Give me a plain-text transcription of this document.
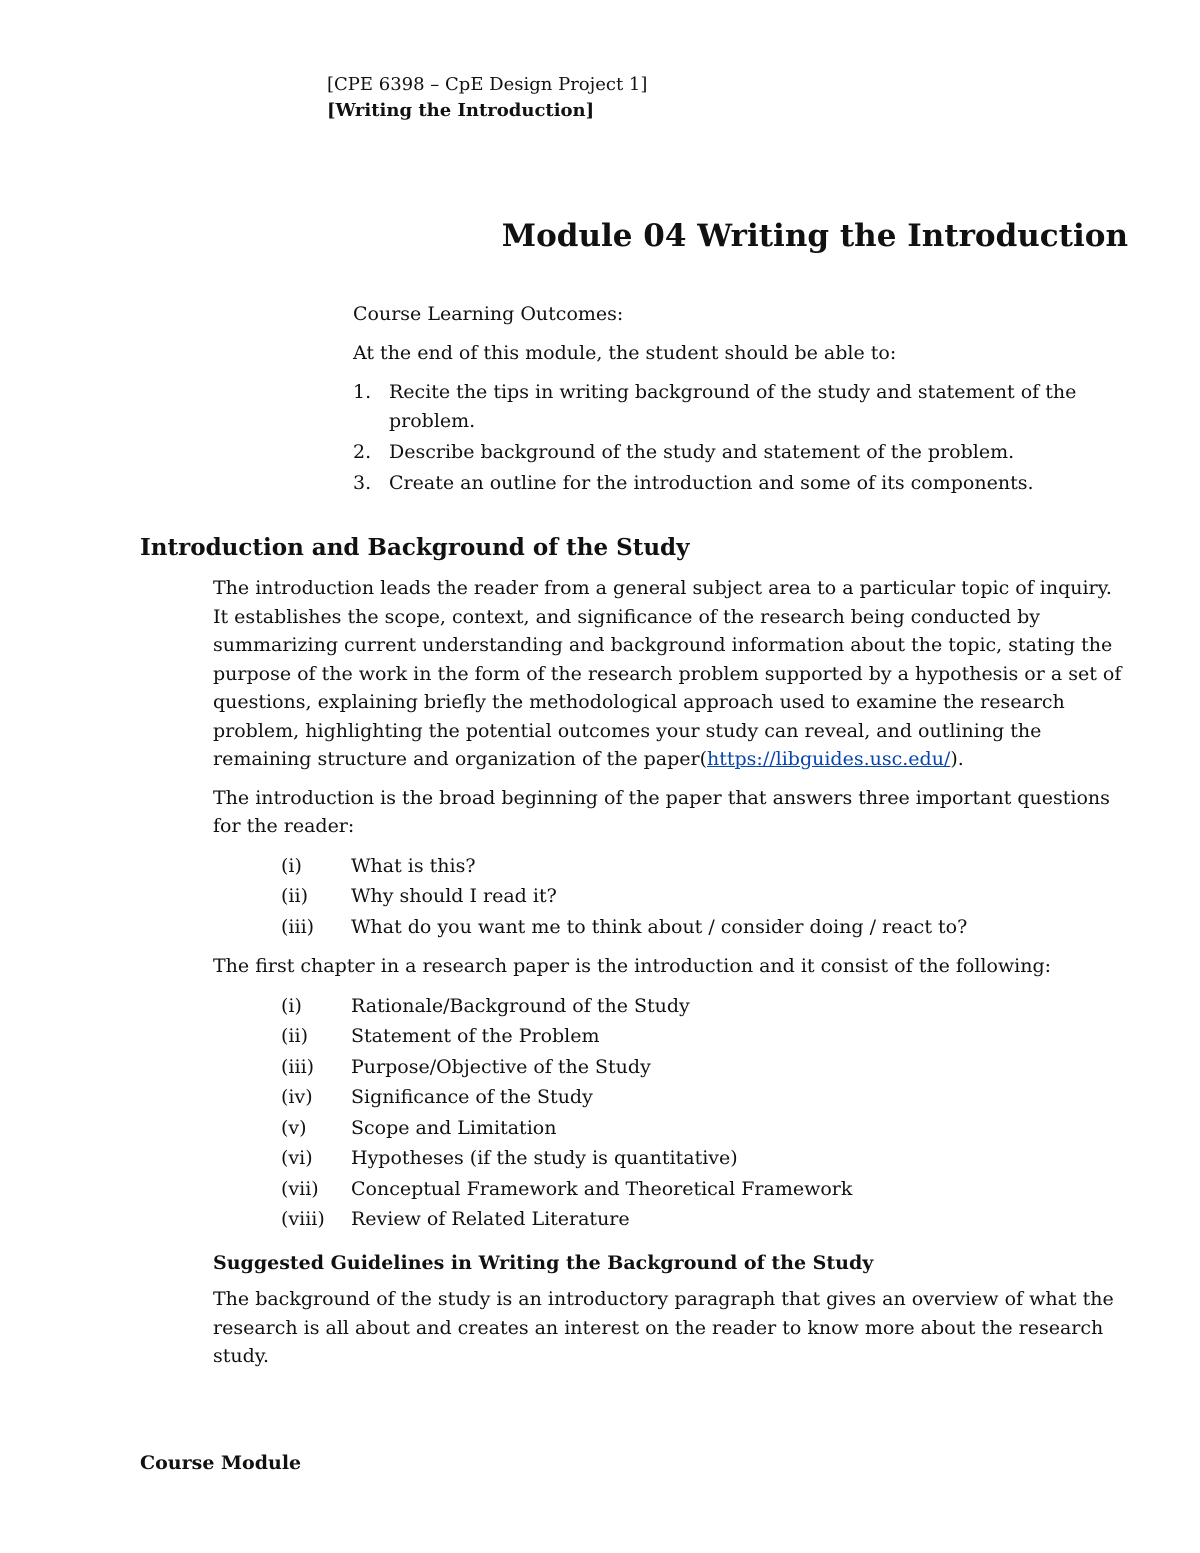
[CPE 6398 – CpE Design Project 1]
[Writing the Introduction]
Module 04 Writing the Introduction
Course Learning Outcomes:
At the end of this module, the student should be able to:
1. Recite the tips in writing background of the study and statement of the problem.
2. Describe background of the study and statement of the problem.
3. Create an outline for the introduction and some of its components.
Introduction and Background of the Study

The introduction leads the reader from a general subject area to a particular topic of inquiry. It establishes the scope, context, and significance of the research being conducted by summarizing current understanding and background information about the topic, stating the purpose of the work in the form of the research problem supported by a hypothesis or a set of questions, explaining briefly the methodological approach used to examine the research problem, highlighting the potential outcomes your study can reveal, and outlining the remaining structure and organization of the paper(https://libguides.usc.edu/).

The introduction is the broad beginning of the paper that answers three important questions for the reader:

(i)	What is this?
(ii) Why should I read it?
(iii) What do you want me to think about / consider doing / react to?

The first chapter in a research paper is the introduction and it consist of the following:

(i)	Rationale/Background of the Study
(ii) Statement of the Problem
(iii) Purpose/Objective of the Study
(iv) Significance of the Study
(v) Scope and Limitation
(vi) Hypotheses (if the study is quantitative)
(vii) Conceptual Framework and Theoretical Framework
(viii) Review of Related Literature
Suggested Guidelines in Writing the Background of the Study

The background of the study is an introductory paragraph that gives an overview of what the research is all about and creates an interest on the reader to know more about the research study.

Course Module
